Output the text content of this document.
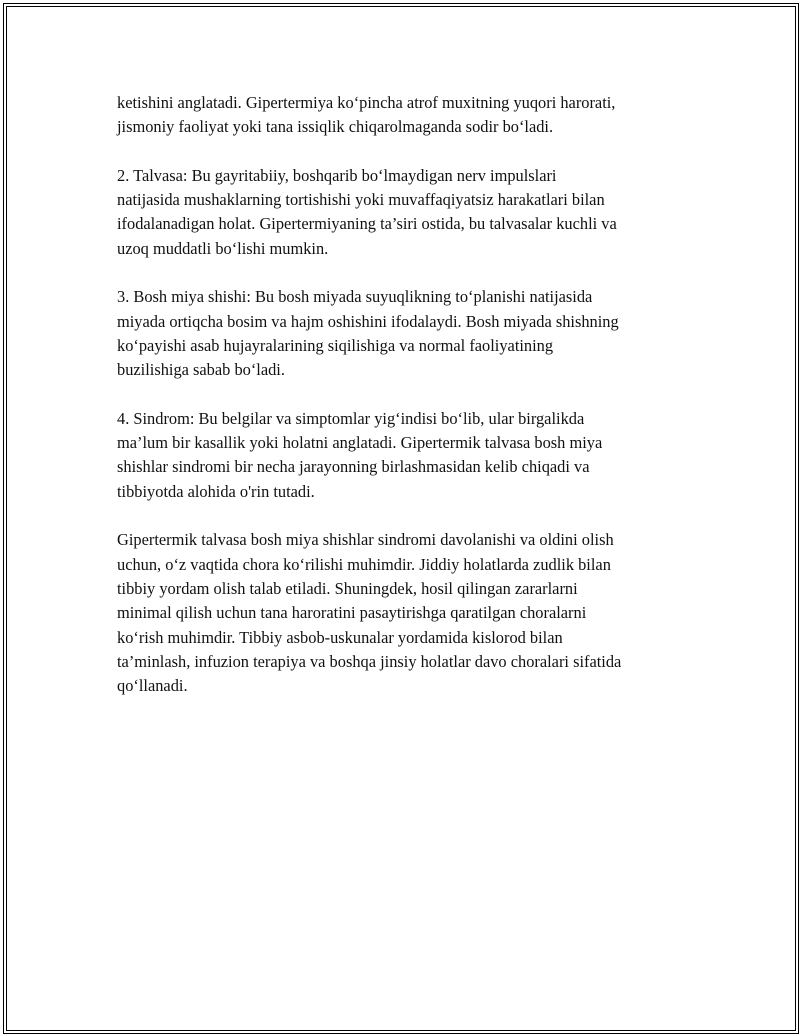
ketishini anglatadi. Gipertermiya ko‘pincha atrof muxitning yuqori harorati,
jismoniy faoliyat yoki tana issiqlik chiqarolmaganda sodir bo‘ladi.

2. Talvasa: Bu gayritabiiy, boshqarib bo‘lmaydigan nerv impulslari
natijasida mushaklarning tortishishi yoki muvaffaqiyatsiz harakatlari bilan
ifodalanadigan holat. Gipertermiyaning ta’siri ostida, bu talvasalar kuchli va
uzoq muddatli bo‘lishi mumkin.

3. Bosh miya shishi: Bu bosh miyada suyuqlikning to‘planishi natijasida
miyada ortiqcha bosim va hajm oshishini ifodalaydi. Bosh miyada shishning
ko‘payishi asab hujayralarining siqilishiga va normal faoliyatining
buzilishiga sabab bo‘ladi.

4. Sindrom: Bu belgilar va simptomlar yig‘indisi bo‘lib, ular birgalikda
ma’lum bir kasallik yoki holatni anglatadi. Gipertermik talvasa bosh miya
shishlar sindromi bir necha jarayonning birlashmasidan kelib chiqadi va
tibbiyotda alohida o'rin tutadi.

Gipertermik talvasa bosh miya shishlar sindromi davolanishi va oldini olish
uchun, o‘z vaqtida chora ko‘rilishi muhimdir. Jiddiy holatlarda zudlik bilan
tibbiy yordam olish talab etiladi. Shuningdek, hosil qilingan zararlarni
minimal qilish uchun tana haroratini pasaytirishga qaratilgan choralarni
ko‘rish muhimdir. Tibbiy asbob-uskunalar yordamida kislorod bilan
ta’minlash, infuzion terapiya va boshqa jinsiy holatlar davo choralari sifatida
qo‘llanadi.
